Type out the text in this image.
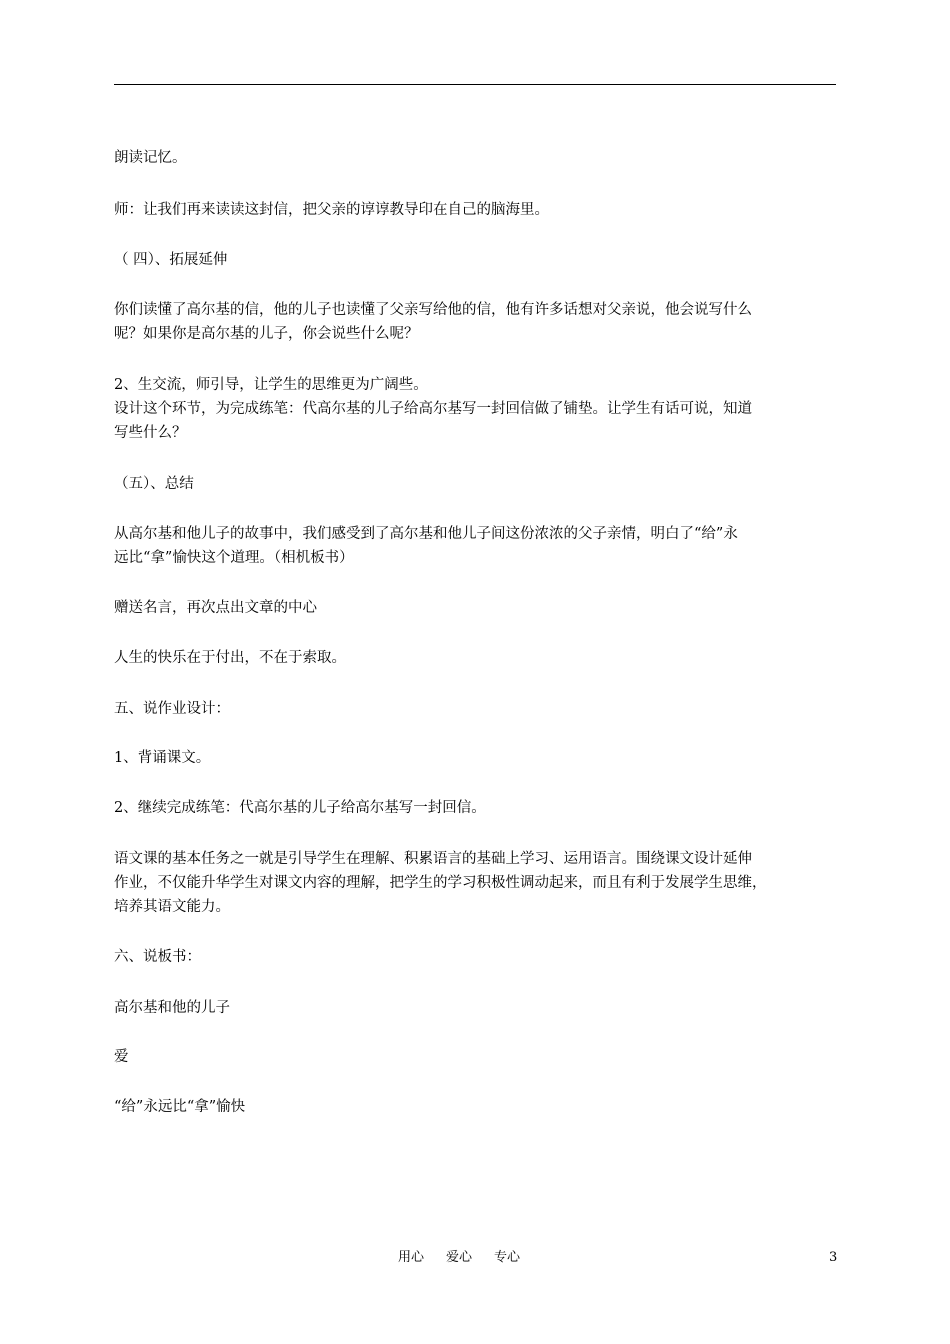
朗读记忆。
师：让我们再来读读这封信，把父亲的谆谆教导印在自己的脑海里。
（ 四）、拓展延伸
你们读懂了高尔基的信，他的儿子也读懂了父亲写给他的信，他有许多话想对父亲说，他会说写什么
呢？如果你是高尔基的儿子，你会说些什么呢？
2、生交流，师引导，让学生的思维更为广阔些。
设计这个环节，为完成练笔：代高尔基的儿子给高尔基写一封回信做了铺垫。让学生有话可说，知道
写些什么？
（五）、总结
从高尔基和他儿子的故事中，我们感受到了高尔基和他儿子间这份浓浓的父子亲情，明白了“给”永
远比“拿”愉快这个道理。（相机板书）
赠送名言，再次点出文章的中心
人生的快乐在于付出，不在于索取。
五、说作业设计：
1、背诵课文。
2、继续完成练笔：代高尔基的儿子给高尔基写一封回信。
语文课的基本任务之一就是引导学生在理解、积累语言的基础上学习、运用语言。围绕课文设计延伸
作业，不仅能升华学生对课文内容的理解，把学生的学习积极性调动起来，而且有利于发展学生思维，
培养其语文能力。
六、说板书：
高尔基和他的儿子
爱
“给”永远比“拿”愉快
用心 爱心 专心	3
